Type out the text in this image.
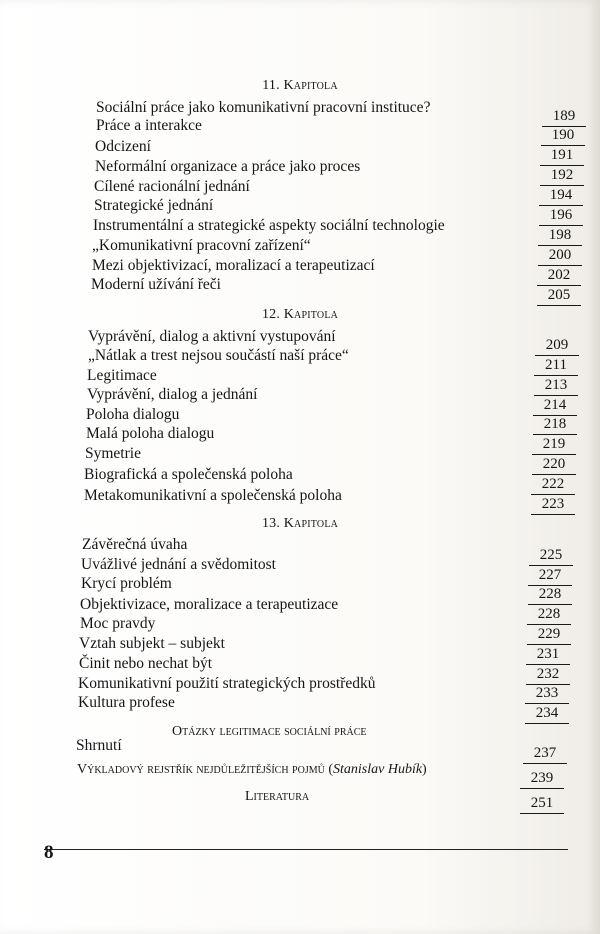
11. Kapitola
Sociální práce jako komunikativní pracovní instituce?
Práce a interakce
Odcizení
Neformální organizace a práce jako proces
Cílené racionální jednání
Strategické jednání
Instrumentální a strategické aspekty sociální technologie
„Komunikativní pracovní zařízení“
Mezi objektivizací, moralizací a terapeutizací
Moderní užívání řeči
189
190
191
192
194
196
198
200
202
205
12. Kapitola
Vyprávění, dialog a aktivní vystupování
„Nátlak a trest nejsou součástí naší práce“
Legitimace
Vyprávění, dialog a jednání
Poloha dialogu
Malá poloha dialogu
Symetrie
Biografická a společenská poloha
Metakomunikativní a společenská poloha
209
211
213
214
218
219
220
222
223
13. Kapitola
Závěrečná úvaha
Uvážlivé jednání a svědomitost
Krycí problém
Objektivizace, moralizace a terapeutizace
Moc pravdy
Vztah subjekt – subjekt
Činit nebo nechat být
Komunikativní použití strategických prostředků
Kultura profese
225
227
228
228
229
231
232
233
234
Otázky legitimace sociální práce
Shrnutí	237
Výkladový rejstřík nejdůležitějších pojmů (Stanislav Hubík)
239
Literatura	251
8
